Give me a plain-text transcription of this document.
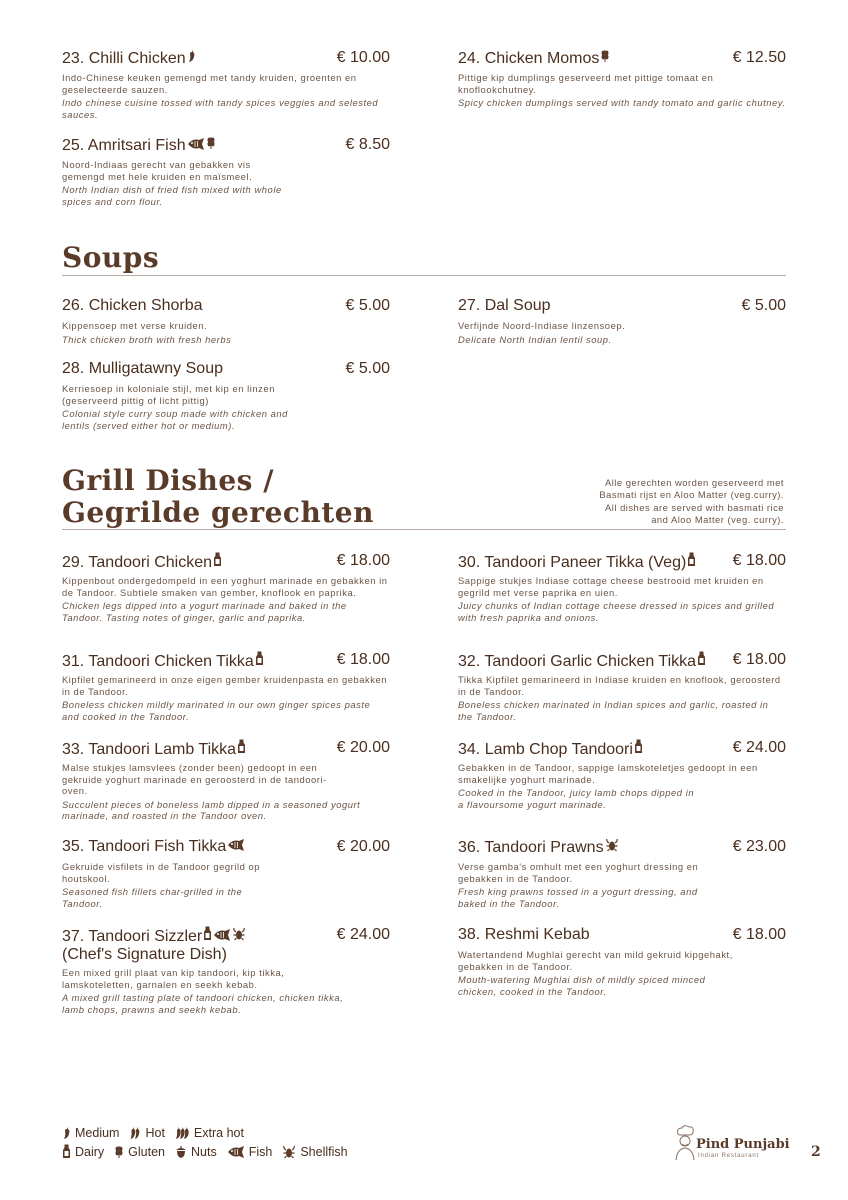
23. Chilli Chicken	€ 10.00
Indo-Chinese keuken gemengd met tandy kruiden, groenten en geselecteerde sauzen.
Indo chinese cuisine tossed with tandy spices veggies and selested sauces.
24. Chicken Momos	€ 12.50
Pittige kip dumplings geserveerd met pittige tomaat en knoflookchutney.
Spicy chicken dumplings served with tandy tomato and garlic chutney.
25. Amritsari Fish	€ 8.50
Noord-Indiaas gerecht van gebakken vis gemengd met hele kruiden en maïsmeel.
North Indian dish of fried fish mixed with whole spices and corn flour.
Soups
26. Chicken Shorba	€ 5.00
Kippensoep met verse kruiden.
Thick chicken broth with fresh herbs
27. Dal Soup	€ 5.00
Verfijnde Noord-Indiase linzensoep.
Delicate North Indian lentil soup.
28. Mulligatawny Soup	€ 5.00
Kerriesoep in koloniale stijl, met kip en linzen (geserveerd pittig of licht pittig)
Colonial style curry soup made with chicken and lentils (served either hot or medium).
Grill Dishes /
Gegrilde gerechten
Alle gerechten worden geserveerd met
Basmati rijst en Aloo Matter (veg.curry).
All dishes are served with basmati rice
and Aloo Matter (veg. curry).
29. Tandoori Chicken	€ 18.00
Kippenbout ondergedompeld in een yoghurt marinade en gebakken in de Tandoor. Subtiele smaken van gember, knoflook en paprika.
Chicken legs dipped into a yogurt marinade and baked in the Tandoor. Tasting notes of ginger, garlic and paprika.
30. Tandoori Paneer Tikka (Veg)	€ 18.00
Sappige stukjes Indiase cottage cheese bestrooid met kruiden en gegrild met verse paprika en uien.
Juicy chunks of Indian cottage cheese dressed in spices and grilled with fresh paprika and onions.
31. Tandoori Chicken Tikka	€ 18.00
Kipfilet gemarineerd in onze eigen gember kruidenpasta en gebakken in de Tandoor.
Boneless chicken mildly marinated in our own ginger spices paste and cooked in the Tandoor.
32. Tandoori Garlic Chicken Tikka	€ 18.00
Tikka Kipfilet gemarineerd in Indiase kruiden en knoflook, geroosterd in de Tandoor.
Boneless chicken marinated in Indian spices and garlic, roasted in the Tandoor.
33. Tandoori Lamb Tikka	€ 20.00
Malse stukjes lamsvlees (zonder been) gedoopt in een gekruide yoghurt marinade en geroosterd in de tandoori-oven.
Succulent pieces of boneless lamb dipped in a seasoned yogurt marinade, and roasted in the Tandoor oven.
34. Lamb Chop Tandoori	€ 24.00
Gebakken in de Tandoor, sappige lamskoteletjes gedoopt in een smakelijke yoghurt marinade.
Cooked in the Tandoor, juicy lamb chops dipped in a flavoursome yogurt marinade.
35. Tandoori Fish Tikka	€ 20.00
Gekruide visfilets in de Tandoor gegrild op houtskool.
Seasoned fish fillets char-grilled in the Tandoor.
36. Tandoori Prawns	€ 23.00
Verse gamba's omhult met een yoghurt dressing en gebakken in de Tandoor.
Fresh king prawns tossed in a yogurt dressing, and baked in the Tandoor.
37. Tandoori Sizzler	€ 24.00
(Chef's Signature Dish)
Een mixed grill plaat van kip tandoori, kip tikka, lamskoteletten, garnalen en seekh kebab.
A mixed grill tasting plate of tandoori chicken, chicken tikka, lamb chops, prawns and seekh kebab.
38. Reshmi Kebab	€ 18.00
Watertandend Mughlai gerecht van mild gekruid kipgehakt, gebakken in de Tandoor.
Mouth-watering Mughlai dish of mildly spiced minced chicken, cooked in the Tandoor.
Medium Hot Extra hot
Dairy Gluten Nuts	Fish Shellfish	Pind Punjabi
Indian Restaurant	2
